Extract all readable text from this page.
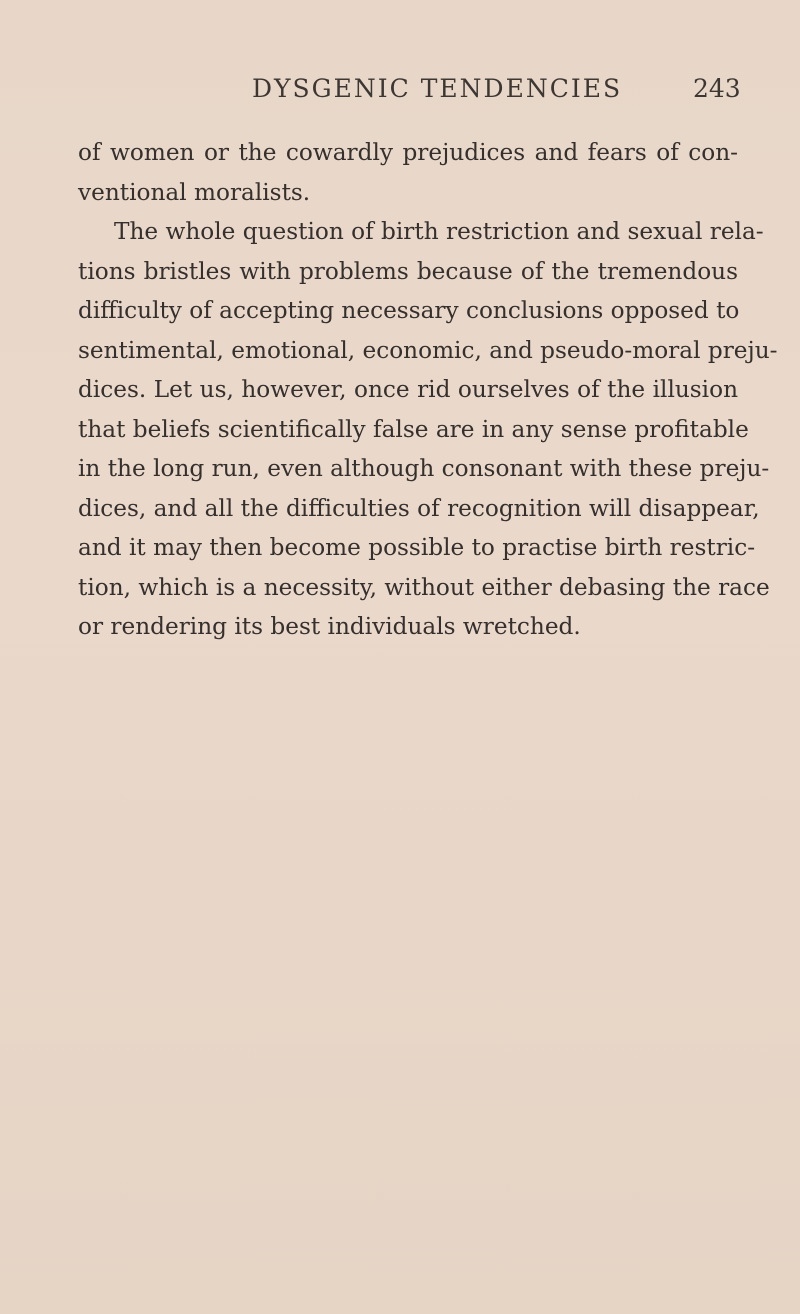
DYSGENIC TENDENCIES	243
of women or the cowardly prejudices and fears of con-
ventional moralists.
The whole question of birth restriction and sexual rela-
tions bristles with problems because of the tremendous
difficulty of accepting necessary conclusions opposed to
sentimental, emotional, economic, and pseudo-moral preju-
dices. Let us, however, once rid ourselves of the illusion
that beliefs scientifically false are in any sense profitable
in the long run, even although consonant with these preju-
dices, and all the difficulties of recognition will disappear,
and it may then become possible to practise birth restric-
tion, which is a necessity, without either debasing the race
or rendering its best individuals wretched.
